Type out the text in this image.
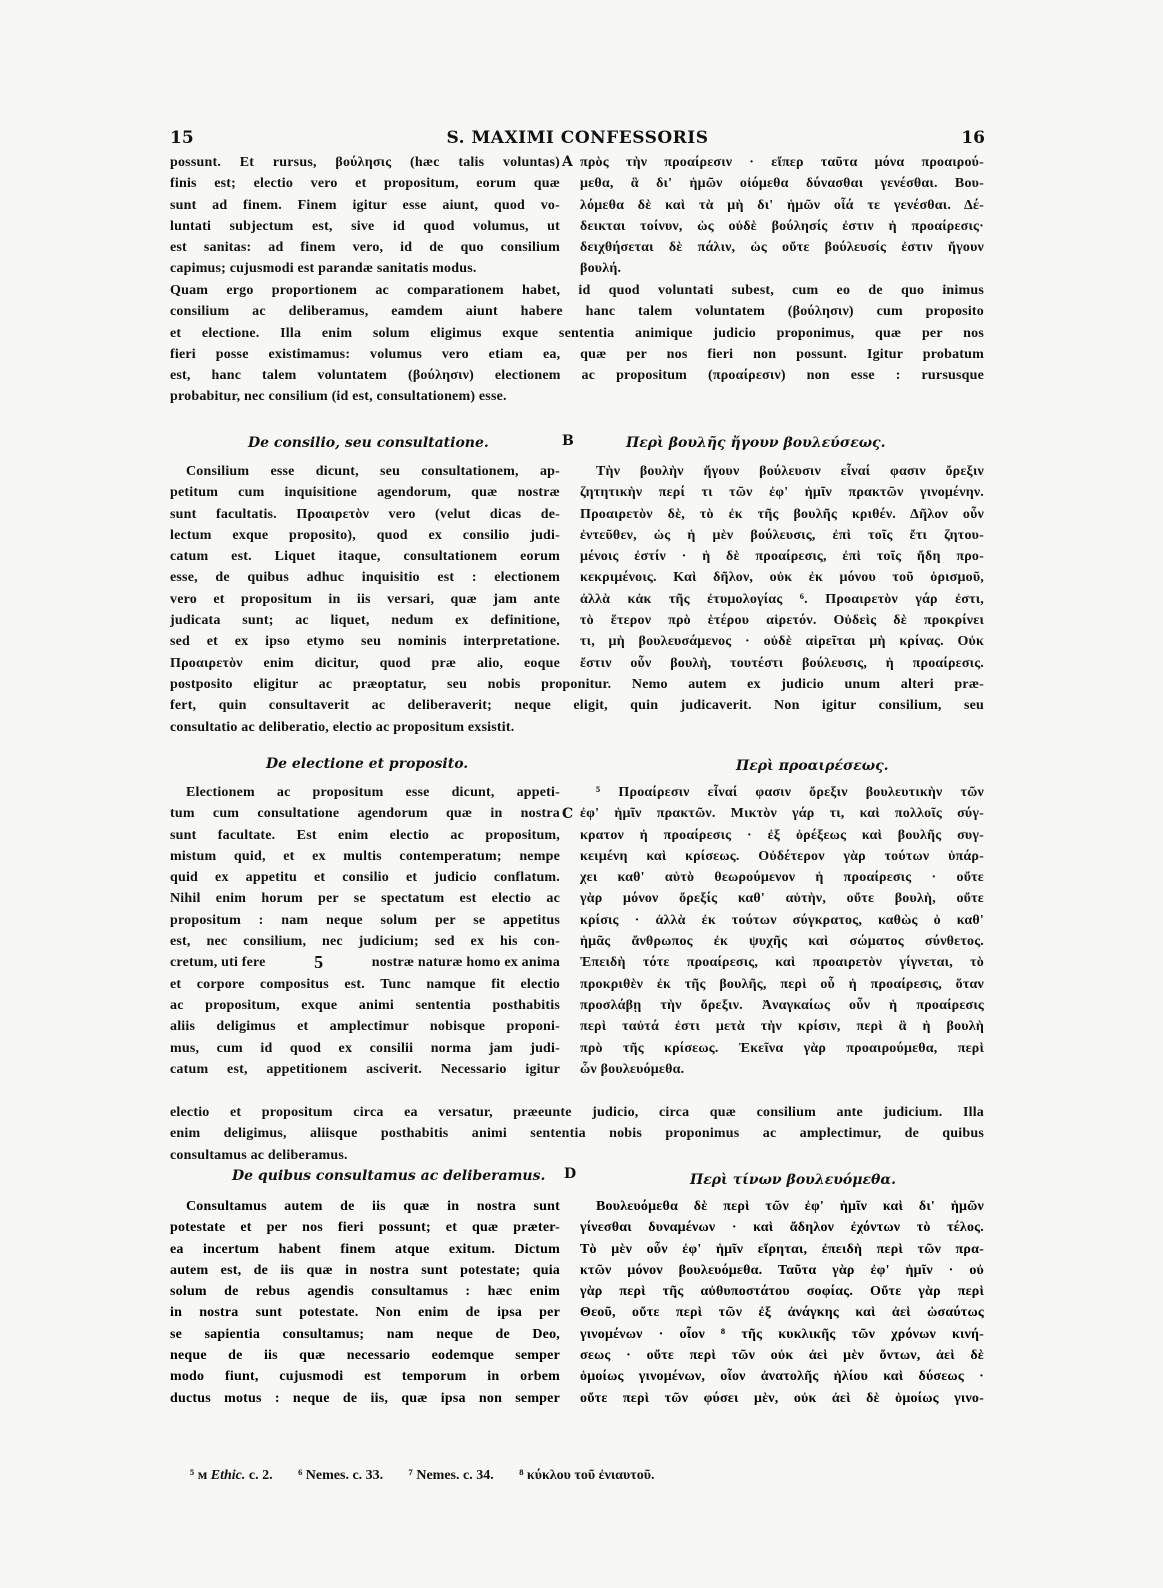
15	S. MAXIMI CONFESSORIS	16
possunt. Et rursus, βούλησις (hæc talis voluntas)
finis est; electio vero et propositum, eorum quæ
sunt ad finem. Finem igitur esse aiunt, quod vo-
luntati subjectum est, sive id quod volumus, ut
est sanitas: ad finem vero, id de quo consilium
capimus; cujusmodi est parandæ sanitatis modus.
A πρὸς τὴν προαίρεσιν · εἴπερ ταῦτα μόνα προαιρού-
μεθα, ἃ δι' ἡμῶν οἰόμεθα δύνασθαι γενέσθαι. Βου-
λόμεθα δὲ καὶ τὰ μὴ δι' ἡμῶν οἷά τε γενέσθαι. Δέ-
δεικται τοίνυν, ὡς οὐδὲ βούλησίς ἐστιν ἡ προαίρεσις·
δειχθήσεται δὲ πάλιν, ὡς οὔτε βούλευσίς ἐστιν ἤγουν
βουλή.
Quam ergo proportionem ac comparationem habet, id quod voluntati subest, cum eo de quo inimus
consilium ac deliberamus, eamdem aiunt habere hanc talem voluntatem (βούλησιν) cum proposito
et electione. Illa enim solum eligimus exque sententia animique judicio proponimus, quæ per nos
fieri posse existimamus: volumus vero etiam ea, quæ per nos fieri non possunt. Igitur probatum
est, hanc talem voluntatem (βούλησιν) electionem ac propositum (προαίρεσιν) non esse : rursusque
probabitur, nec consilium (id est, consultationem) esse.
De consilio, seu consultatione.	B	Περὶ βουλῆς ἤγουν βουλεύσεως.
Consilium esse dicunt, seu consultationem, ap-
petitum cum inquisitione agendorum, quæ nostræ
sunt facultatis. Προαιρετὸν vero (velut dicas de-
lectum exque proposito), quod ex consilio judi-
catum est. Liquet itaque, consultationem eorum
esse, de quibus adhuc inquisitio est : electionem
vero et propositum in iis versari, quæ jam ante
judicata sunt; ac liquet, nedum ex definitione,
sed et ex ipso etymo seu nominis interpretatione.
Προαιρετὸν enim dicitur, quod præ alio, eoque
Τὴν βουλὴν ἤγουν βούλευσιν εἶναί φασιν ὄρεξιν
ζητητικὴν περί τι τῶν ἐφ' ἡμῖν πρακτῶν γινομένην.
Προαιρετὸν δὲ, τὸ ἐκ τῆς βουλῆς κριθέν. Δῆλον οὖν
ἐντεῦθεν, ὡς ἡ μὲν βούλευσις, ἐπὶ τοῖς ἔτι ζητου-
μένοις ἐστίν · ἡ δὲ προαίρεσις, ἐπὶ τοῖς ἤδη προ-
κεκριμένοις. Καὶ δῆλον, οὐκ ἐκ μόνου τοῦ ὁρισμοῦ,
ἀλλὰ κἀκ τῆς ἐτυμολογίας ⁶. Προαιρετὸν γάρ ἐστι,
τὸ ἕτερον πρὸ ἑτέρου αἱρετόν. Οὐδεὶς δὲ προκρίνει
τι, μὴ βουλευσάμενος · οὐδὲ αἱρεῖται μὴ κρίνας. Οὐκ
ἔστιν οὖν βουλὴ, τουτέστι βούλευσις, ἡ προαίρεσις.
postposito eligitur ac præoptatur, seu nobis proponitur. Nemo autem ex judicio unum alteri præ-
fert, quin consultaverit ac deliberaverit; neque eligit, quin judicaverit. Non igitur consilium, seu
consultatio ac deliberatio, electio ac propositum exsistit.
De electione et proposito.	Περὶ προαιρέσεως.
Electionem ac propositum esse dicunt, appeti-
tum cum consultatione agendorum quæ in nostra
sunt facultate. Est enim electio ac propositum,
mistum quid, et ex multis contemperatum; nempe
quid ex appetitu et consilio et judicio conflatum.
Nihil enim horum per se spectatum est electio ac
propositum : nam neque solum per se appetitus
est, nec consilium, nec judicium; sed ex his con-
cretum, uti fere	5	nostræ naturæ homo ex anima
et corpore compositus est. Tunc namque fit electio
ac propositum, exque animi sententia posthabitis
aliis deligimus et amplectimur nobisque proponi-
mus, cum id quod ex consilii norma jam judi-
catum est, appetitionem asciverit. Necessario igitur
C
⁵ Προαίρεσιν εἶναί φασιν ὄρεξιν βουλευτικὴν τῶν
ἐφ' ἡμῖν πρακτῶν. Μικτὸν γάρ τι, καὶ πολλοῖς σύγ-
κρατον ἡ προαίρεσις · ἐξ ὀρέξεως καὶ βουλῆς συγ-
κειμένη καὶ κρίσεως. Οὐδέτερον γὰρ τούτων ὑπάρ-
χει καθ' αὑτὸ θεωρούμενον ἡ προαίρεσις · οὔτε
γὰρ μόνον ὄρεξίς καθ' αὑτὴν, οὔτε βουλὴ, οὔτε
κρίσις · ἀλλὰ ἐκ τούτων σύγκρατος, καθὼς ὁ καθ'
ἡμᾶς ἄνθρωπος ἐκ ψυχῆς καὶ σώματος σύνθετος.
Ἐπειδὴ τότε προαίρεσις, καὶ προαιρετὸν γίγνεται, τὸ
προκριθὲν ἐκ τῆς βουλῆς, περὶ οὗ ἡ προαίρεσις, ὅταν
προσλάβῃ τὴν ὄρεξιν. Ἀναγκαίως οὖν ἡ προαίρεσις
περὶ ταὐτά ἐστι μετὰ τὴν κρίσιν, περὶ ἃ ἡ βουλὴ
πρὸ τῆς κρίσεως. Ἐκεῖνα γὰρ προαιρούμεθα, περὶ
ὧν βουλευόμεθα.
electio et propositum circa ea versatur, præeunte judicio, circa quæ consilium ante judicium. Illa
enim deligimus, aliisque posthabitis animi sententia nobis proponimus ac amplectimur, de quibus
consultamus ac deliberamus.
De quibus consultamus ac deliberamus. D	Περὶ τίνων βουλευόμεθα.
Consultamus autem de iis quæ in nostra sunt
potestate et per nos fieri possunt; et quæ præter-
ea incertum habent finem atque exitum. Dictum
autem est, de iis quæ in nostra sunt potestate; quia
solum de rebus agendis consultamus : hæc enim
in nostra sunt potestate. Non enim de ipsa per
se sapientia consultamus; nam neque de Deo,
neque de iis quæ necessario eodemque semper
modo fiunt, cujusmodi est temporum in orbem
ductus motus : neque de iis, quæ ipsa non semper
Βουλευόμεθα δὲ περὶ τῶν ἐφ' ἡμῖν καὶ δι' ἡμῶν
γίνεσθαι δυναμένων · καὶ ἄδηλον ἐχόντων τὸ τέλος.
Τὸ μὲν οὖν ἐφ' ἡμῖν εἴρηται, ἐπειδὴ περὶ τῶν πρα-
κτῶν μόνον βουλευόμεθα. Ταῦτα γὰρ ἐφ' ἡμῖν · οὐ
γὰρ περὶ τῆς αὐθυποστάτου σοφίας. Οὔτε γὰρ περὶ
Θεοῦ, οὔτε περὶ τῶν ἐξ ἀνάγκης καὶ ἀεὶ ὡσαύτως
γινομένων · οἷον ⁸ τῆς κυκλικῆς τῶν χρόνων κινή-
σεως · οὔτε περὶ τῶν οὐκ ἀεὶ μὲν ὄντων, ἀεὶ δὲ
ὁμοίως γινομένων, οἷον ἀνατολῆς ἡλίου καὶ δύσεως ·
οὔτε περὶ τῶν φύσει μὲν, οὐκ ἀεὶ δὲ ὁμοίως γινο-
⁵ ᴍ Ethic. c. 2. ⁶ Nemes. c. 33. ⁷ Nemes. c. 34. ⁸ κύκλου τοῦ ἐνιαυτοῦ.
